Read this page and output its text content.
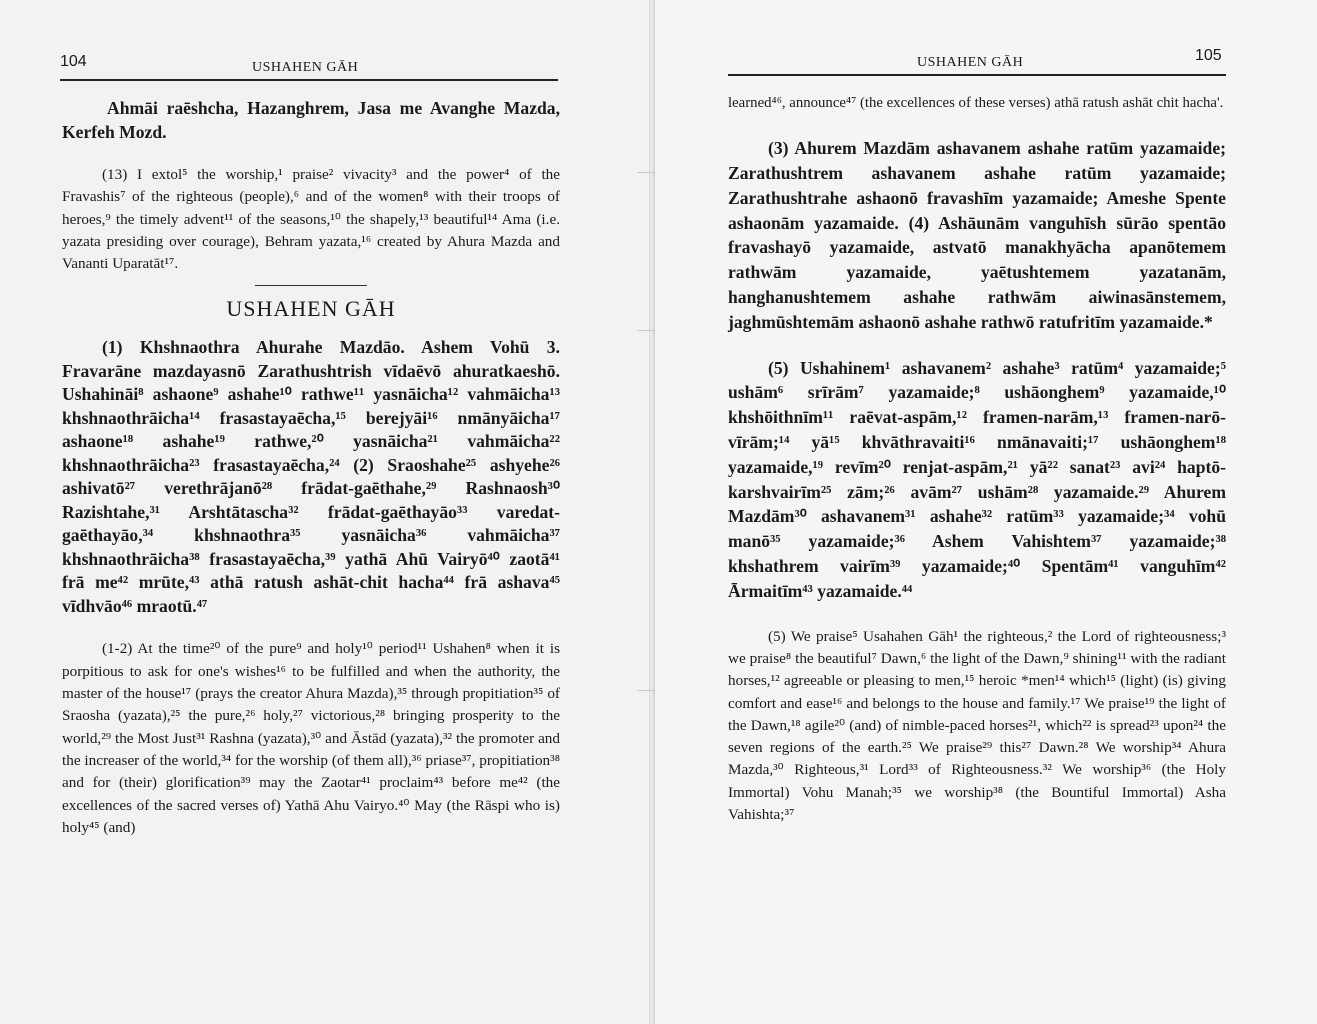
104	USHAHEN GĀH

Ahmāi raēshcha, Hazanghrem, Jasa me Avanghe Mazda, Kerfeh Mozd.

(13) I extol⁵ the worship,¹ praise² vivacity³ and the power⁴ of the Fravashis⁷ of the righteous (people),⁶ and of the women⁸ with their troops of heroes,⁹ the timely advent¹¹ of the seasons,¹⁰ the shapely,¹³ beautiful¹⁴ Ama (i.e. yazata presiding over courage), Behram yazata,¹⁶ created by Ahura Mazda and Vananti Uparatāt¹⁷.

USHAHEN GĀH

(1) Khshnaothra Ahurahe Mazdāo. Ashem Vohū 3. Fravarāne mazdayasnō Zarathushtrish vīdaēvō ahuratkaeshō. Ushahināi⁸ ashaone⁹ ashahe¹⁰ rathwe¹¹ yasnāicha¹² vahmāicha¹³ khshnaothrāicha¹⁴ frasastayaēcha,¹⁵ berejyāi¹⁶ nmānyāicha¹⁷ ashaone¹⁸ ashahe¹⁹ rathwe,²⁰ yasnāicha²¹ vahmāicha²² khshnaothrāicha²³ frasastayaēcha,²⁴ (2) Sraoshahe²⁵ ashyehe²⁶ ashivatō²⁷ verethrājanō²⁸ frādat-gaēthahe,²⁹ Rashnaosh³⁰ Razishtahe,³¹ Arshtātascha³² frādat-gaēthayāo³³ varedat-gaēthayāo,³⁴ khshnaothra³⁵ yasnāicha³⁶ vahmāicha³⁷ khshnaothrāicha³⁸ frasastayaēcha,³⁹ yathā Ahū Vairyō⁴⁰ zaotā⁴¹ frā me⁴² mrūte,⁴³ athā ratush ashāt-chit hacha⁴⁴ frā ashava⁴⁵ vīdhvāo⁴⁶ mraotū.⁴⁷

(1-2) At the time²⁰ of the pure⁹ and holy¹⁰ period¹¹ Ushahen⁸ when it is porpitious to ask for one's wishes¹⁶ to be fulfilled and when the authority, the master of the house¹⁷ (prays the creator Ahura Mazda),³⁵ through propitiation³⁵ of Sraosha (yazata),²⁵ the pure,²⁶ holy,²⁷ victorious,²⁸ bringing prosperity to the world,²⁹ the Most Just³¹ Rashna (yazata),³⁰ and Āstād (yazata),³² the promoter and the increaser of the world,³⁴ for the worship (of them all),³⁶ priase³⁷, propitiation³⁸ and for (their) glorification³⁹ may the Zaotar⁴¹ proclaim⁴³ before me⁴² (the excellences of the sacred verses of) Yathā Ahu Vairyo.⁴⁰ May (the Rāspi who is) holy⁴⁵ (and)

USHAHEN GĀH	105

learned⁴⁶, announce⁴⁷ (the excellences of these verses) athā ratush ashāt chit hacha'.

(3) Ahurem Mazdām ashavanem ashahe ratūm yazamaide; Zarathushtrem ashavanem ashahe ratūm yazamaide; Zarathushtrahe ashaonō fravashīm yazamaide; Ameshe Spente ashaonām yazamaide. (4) Ashāunām vanguhīsh sūrāo spentāo fravashayō yazamaide, astvatō manakhyācha apanōtemem rathwām yazamaide, yaētushtemem yazatanām, hanghanushtemem ashahe rathwām aiwinasānstemem, jaghmūshtemām ashaonō ashahe rathwō ratufritīm yazamaide.*

(5) Ushahinem¹ ashavanem² ashahe³ ratūm⁴ yazamaide;⁵ ushām⁶ srīrām⁷ yazamaide;⁸ ushāonghem⁹ yazamaide,¹⁰ khshōithnīm¹¹ raēvat-aspām,¹² framen-narām,¹³ framen-narō-vīrām;¹⁴ yā¹⁵ khvāthravaiti¹⁶ nmānavaiti;¹⁷ ushāonghem¹⁸ yazamaide,¹⁹ revīm²⁰ renjat-aspām,²¹ yā²² sanat²³ avi²⁴ haptō-karshvairīm²⁵ zām;²⁶ avām²⁷ ushām²⁸ yazamaide.²⁹ Ahurem Mazdām³⁰ ashavanem³¹ ashahe³² ratūm³³ yazamaide;³⁴ vohū manō³⁵ yazamaide;³⁶ Ashem Vahishtem³⁷ yazamaide;³⁸ khshathrem vairīm³⁹ yazamaide;⁴⁰ Spentām⁴¹ vanguhīm⁴² Ārmaitīm⁴³ yazamaide.⁴⁴

(5) We praise⁵ Usahahen Gāh¹ the righteous,² the Lord of righteousness;³ we praise⁸ the beautiful⁷ Dawn,⁶ the light of the Dawn,⁹ shining¹¹ with the radiant horses,¹² agreeable or pleasing to men,¹⁵ heroic *men¹⁴ which¹⁵ (light) (is) giving comfort and ease¹⁶ and belongs to the house and family.¹⁷ We praise¹⁹ the light of the Dawn,¹⁸ agile²⁰ (and) of nimble-paced horses²¹, which²² is spread²³ upon²⁴ the seven regions of the earth.²⁵ We praise²⁹ this²⁷ Dawn.²⁸ We worship³⁴ Ahura Mazda,³⁰ Righteous,³¹ Lord³³ of Righteousness.³² We worship³⁶ (the Holy Immortal) Vohu Manah;³⁵ we worship³⁸ (the Bountiful Immortal) Asha Vahishta;³⁷
